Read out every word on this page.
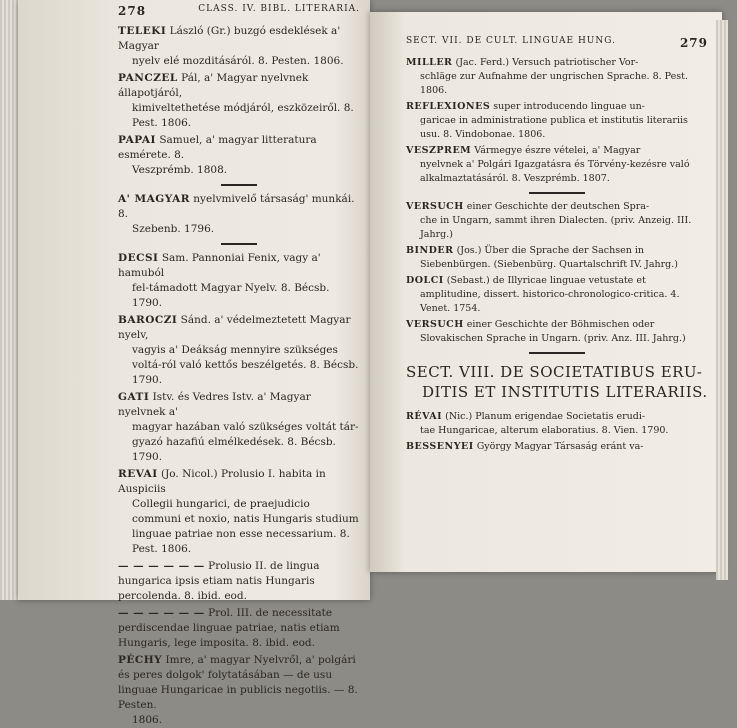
278	CLASS. IV. BIBL. LITERARIA.

TELEKI László (Gr.) buzgó esdeklések a' Magyar
nyelv elé mozditásáról. 8. Pesten. 1806.

PANCZEL Pál, a' Magyar nyelvnek állapotjáról,
kimiveltethetése módjáról, eszközeiről. 8. Pest. 1806.

PAPAI Samuel, a' magyar litteratura esmérete. 8.
Veszprémb. 1808.

A' MAGYAR nyelvmivelő társaság' munkái. 8.
Szebenb. 1796.

DECSI Sam. Pannoniai Fenix, vagy a' hamuból
fel-támadott Magyar Nyelv. 8. Bécsb. 1790.

BAROCZI Sánd. a' védelmeztetett Magyar nyelv,
vagyis a' Deákság mennyire szükséges voltá-ról való kettős beszélgetés. 8. Bécsb. 1790.

GATI Istv. és Vedres Istv. a' Magyar nyelvnek a'
magyar hazában való szükséges voltát tár-gyazó hazafiú elmélkedések. 8. Bécsb. 1790.

REVAI (Jo. Nicol.) Prolusio I. habita in Auspiciis
Collegii hungarici, de praejudicio communi et noxio, natis Hungaris studium linguae patriae non esse necessarium. 8. Pest. 1806.

— — — — — — Prolusio II. de lingua hungarica ipsis etiam natis Hungaris percolenda. 8. ibid. eod.

— — — — — — Prol. III. de necessitate perdiscendae linguae patriae, natis etiam Hungaris, lege imposita. 8. ibid. eod.

PÉCHY Imre, a' magyar Nyelvről, a' polgári és peres dolgok' folytatásában — de usu linguae Hungaricae in publicis negotiis. — 8. Pesten.
1806.

SECT. VII. DE CULT. LINGUAE HUNG.	279

MILLER (Jac. Ferd.) Versuch patriotischer Vor-
schläge zur Aufnahme der ungrischen Sprache. 8. Pest. 1806.

REFLEXIONES super introducendo linguae un-
garicae in administratione publica et institutis literariis usu. 8. Vindobonae. 1806.

VESZPREM Vármegye észre vételei, a' Magyar
nyelvnek a' Polgári Igazgatásra és Törvény-kezésre való alkalmaztatásáról. 8. Veszprémb. 1807.

VERSUCH einer Geschichte der deutschen Spra-
che in Ungarn, sammt ihren Dialecten. (priv. Anzeig. III. Jahrg.)

BINDER (Jos.) Über die Sprache der Sachsen in
Siebenbürgen. (Siebenbürg. Quartalschrift IV. Jahrg.)

DOLCI (Sebast.) de Illyricae linguae vetustate et
amplitudine, dissert. historico-chronologico-critica. 4. Venet. 1754.

VERSUCH einer Geschichte der Böhmischen oder
Slovakischen Sprache in Ungarn. (priv. Anz. III. Jahrg.)

SECT. VIII. DE SOCIETATIBUS ERU-
DITIS ET INSTITUTIS LITERARIIS.

RÉVAI (Nic.) Planum erigendae Societatis erudi-
tae Hungaricae, alterum elaboratius. 8. Vien. 1790.

BESSENYEI György Magyar Társaság eránt va-
